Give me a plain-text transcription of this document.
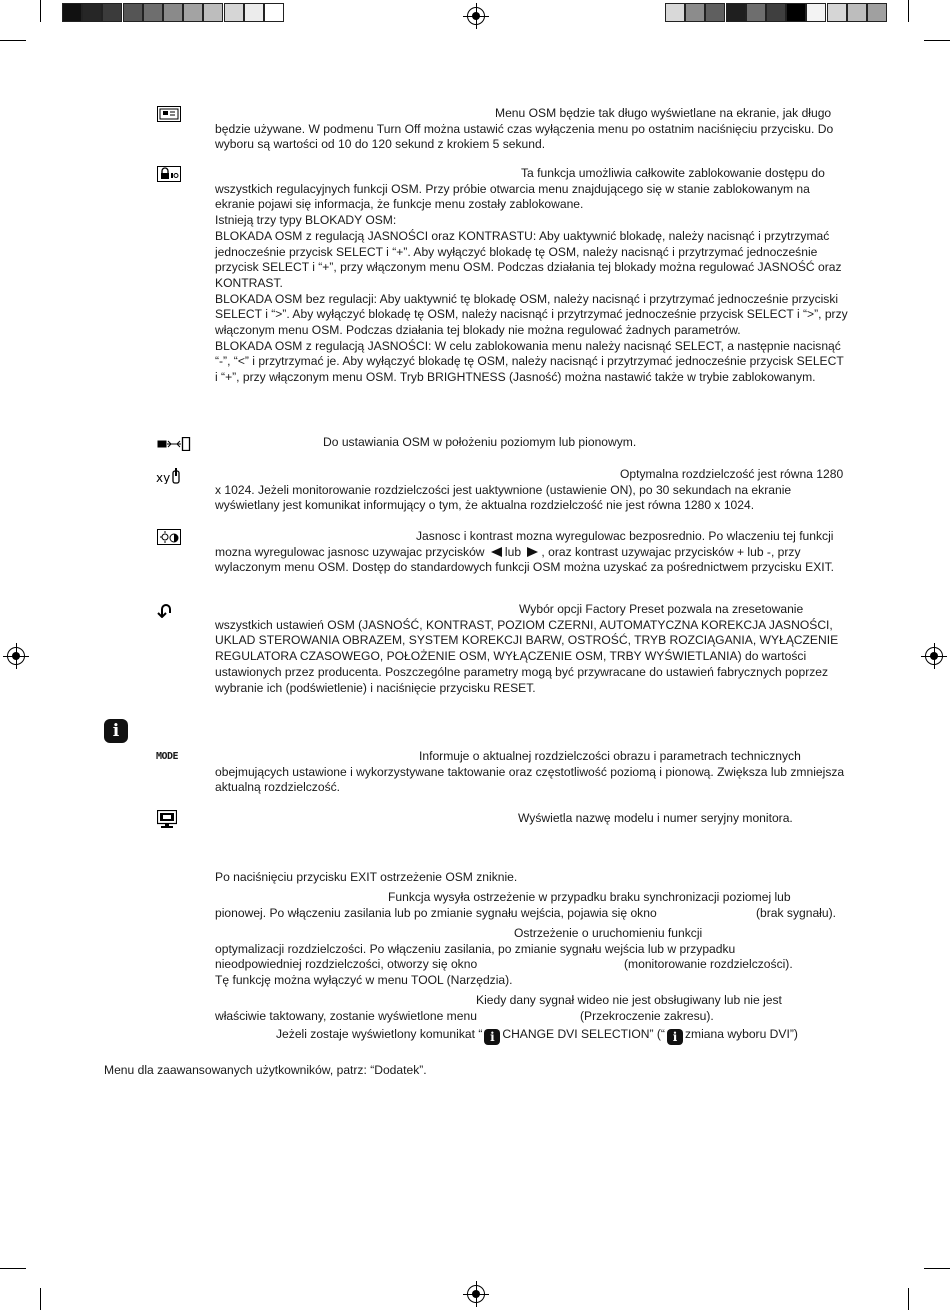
xy
i
MODE

Menu OSM będzie tak długo wyświetlane na ekranie, jak długo będzie używane. W podmenu Turn Off można ustawić czas wyłączenia menu po ostatnim naciśnięciu przycisku. Do wyboru są wartości od 10 do 120 sekund z krokiem 5 sekund.

Ta funkcja umożliwia całkowite zablokowanie dostępu do wszystkich regulacyjnych funkcji OSM. Przy próbie otwarcia menu znajdującego się w stanie zablokowanym na ekranie pojawi się informacja, że funkcje menu zostały zablokowane.
Istnieją trzy typy BLOKADY OSM:
BLOKADA OSM z regulacją JASNOŚCI oraz KONTRASTU: Aby uaktywnić blokadę, należy nacisnąć i przytrzymać jednocześnie przycisk SELECT i “+”. Aby wyłączyć blokadę tę OSM, należy nacisnąć i przytrzymać jednocześnie przycisk SELECT i “+”, przy włączonym menu OSM. Podczas działania tej blokady można regulować JASNOŚĆ oraz KONTRAST.
BLOKADA OSM bez regulacji: Aby uaktywnić tę blokadę OSM, należy nacisnąć i przytrzymać jednocześnie przyciski SELECT i “>”. Aby wyłączyć blokadę tę OSM, należy nacisnąć i przytrzymać jednocześnie przycisk SELECT i “>”, przy włączonym menu OSM. Podczas działania tej blokady nie można regulować żadnych parametrów.
BLOKADA OSM z regulacją JASNOŚCI: W celu zablokowania menu należy nacisnąć SELECT, a następnie nacisnąć “-”, “<” i przytrzymać je. Aby wyłączyć blokadę tę OSM, należy nacisnąć i przytrzymać jednocześnie przycisk SELECT i “+”, przy włączonym menu OSM. Tryb BRIGHTNESS (Jasność) można nastawić także w trybie zablokowanym.
Do ustawiania OSM w położeniu poziomym lub pionowym.

Optymalna rozdzielczość jest równa 1280 x 1024. Jeżeli monitorowanie rozdzielczości jest uaktywnione (ustawienie ON), po 30 sekundach na ekranie wyświetlany jest komunikat informujący o tym, że aktualna rozdzielczość nie jest równa 1280 x 1024.

Jasnosc i kontrast mozna wyregulowac bezposrednio. Po wlaczeniu tej funkcji mozna wyregulowac jasnosc uzywajac przycisków lub , oraz kontrast uzywajac przycisków + lub -, przy wylaczonym menu OSM. Dostęp do standardowych funkcji OSM można uzyskać za pośrednictwem przycisku EXIT.

Wybór opcji Factory Preset pozwala na zresetowanie wszystkich ustawień OSM (JASNOŚĆ, KONTRAST, POZIOM CZERNI, AUTOMATYCZNA KOREKCJA JASNOŚCI, UKLAD STEROWANIA OBRAZEM, SYSTEM KOREKCJI BARW, OSTROŚĆ, TRYB ROZCIĄGANIA, WYŁĄCZENIE REGULATORA CZASOWEGO, POŁOŻENIE OSM, WYŁĄCZENIE OSM, TRBY WYŚWIETLANIA) do wartości ustawionych przez producenta. Poszczególne parametry mogą być przywracane do ustawień fabrycznych poprzez wybranie ich (podświetlenie) i naciśnięcie przycisku RESET.

Informuje o aktualnej rozdzielczości obrazu i parametrach technicznych obejmujących ustawione i wykorzystywane taktowanie oraz częstotliwość poziomą i pionową. Zwiększa lub zmniejsza aktualną rozdzielczość.

Wyświetla nazwę modelu i numer seryjny monitora.
Po naciśnięciu przycisku EXIT ostrzeżenie OSM zniknie.
Funkcja wysyła ostrzeżenie w przypadku braku synchronizacji poziomej lub
pionowej. Po włączeniu zasilania lub po zmianie sygnału wejścia, pojawia się okno	(brak sygnału).
Ostrzeżenie o uruchomieniu funkcji
optymalizacji rozdzielczości. Po włączeniu zasilania, po zmianie sygnału wejścia lub w przypadku
nieodpowiedniej rozdzielczości, otworzy się okno	(monitorowanie rozdzielczości).
Tę funkcję można wyłączyć w menu TOOL (Narzędzia).
Kiedy dany sygnał wideo nie jest obsługiwany lub nie jest
właściwie taktowany, zostanie wyświetlone menu	(Przekroczenie zakresu).
Jeżeli zostaje wyświetlony komunikat “ i CHANGE DVI SELECTION” (“ i zmiana wyboru DVI”)
Menu dla zaawansowanych użytkowników, patrz: “Dodatek”.
